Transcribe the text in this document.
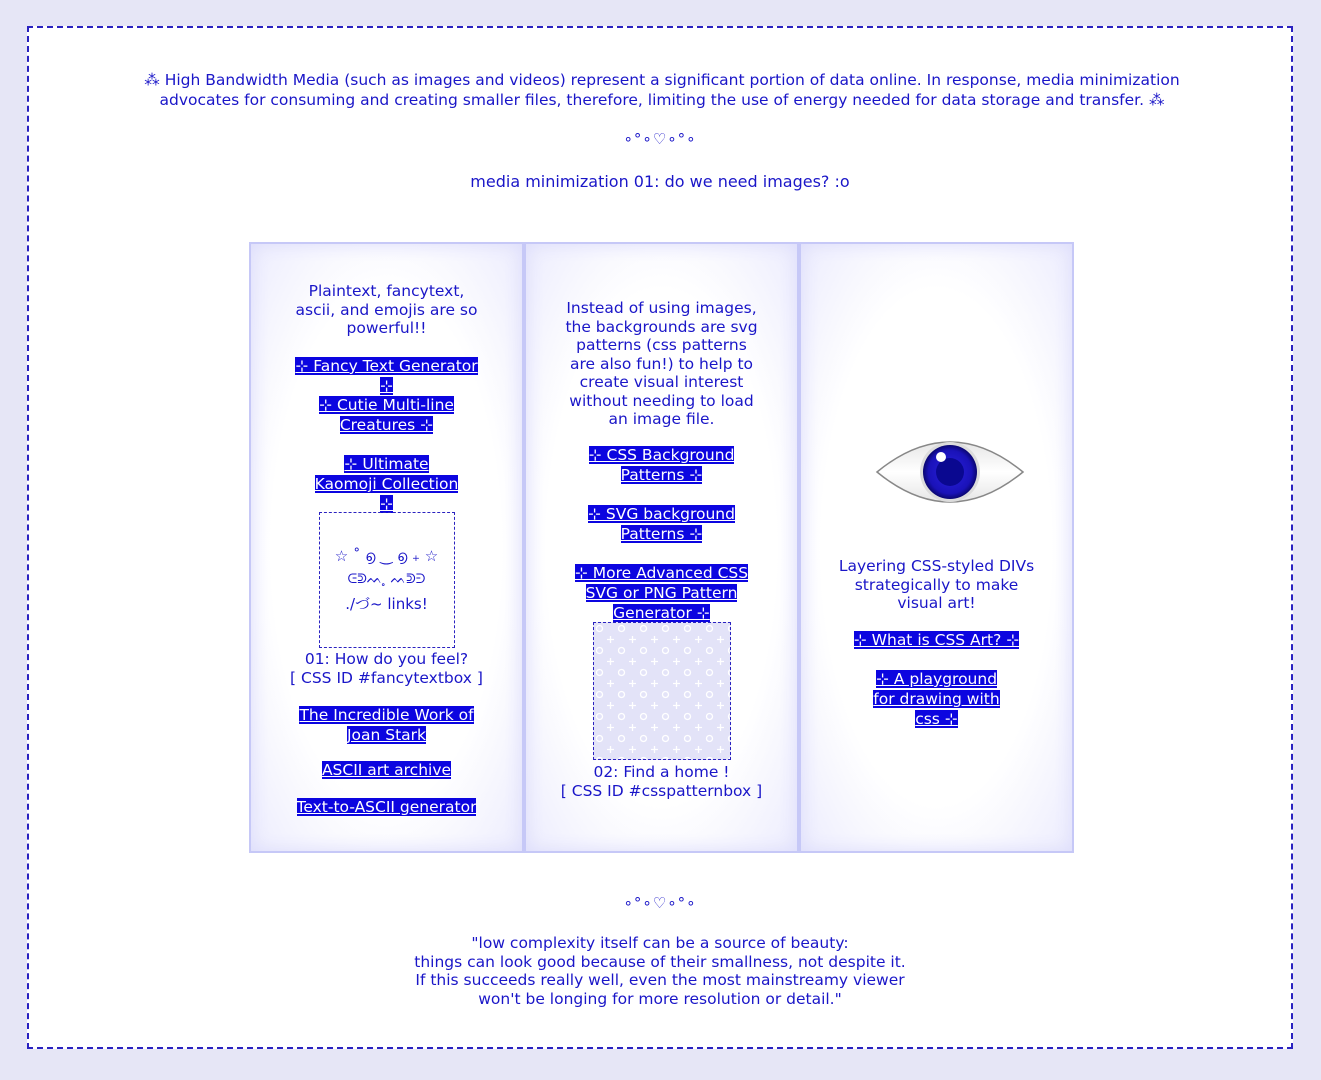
⁂ High Bandwidth Media (such as images and videos) represent a significant portion of data online. In response, media minimization advocates for consuming and creating smaller files, therefore, limiting the use of energy needed for data storage and transfer. ⁂
∘°∘♡∘°∘
media minimization 01: do we need images? :o
Plaintext, fancytext, ascii, and emojis are so powerful!!
⊹ Fancy Text Generator ⊹
⊹ Cutie Multi-line Creatures ⊹
⊹ Ultimate Kaomoji Collection ⊹
☆ ˚ ൭ ‿ ൭ ₊ ☆
ᕮᕲᨓ ̥ ᨓᕲᕭ
./づ~ links!
01: How do you feel?
[ CSS ID #fancytextbox ]
The Incredible Work of Joan Stark
ASCII art archive
Text-to-ASCII generator
Instead of using images, the backgrounds are svg patterns (css patterns are also fun!) to help to create visual interest without needing to load an image file.
⊹ CSS Background Patterns ⊹
⊹ SVG background Patterns ⊹
⊹ More Advanced CSS SVG or PNG Pattern Generator ⊹
02: Find a home !
[ CSS ID #csspatternbox ]
Layering CSS-styled DIVs strategically to make visual art!
⊹ What is CSS Art? ⊹
⊹ A playground for drawing with css ⊹
∘°∘♡∘°∘
"low complexity itself can be a source of beauty:
things can look good because of their smallness, not despite it.
If this succeeds really well, even the most mainstreamy viewer
won't be longing for more resolution or detail."
